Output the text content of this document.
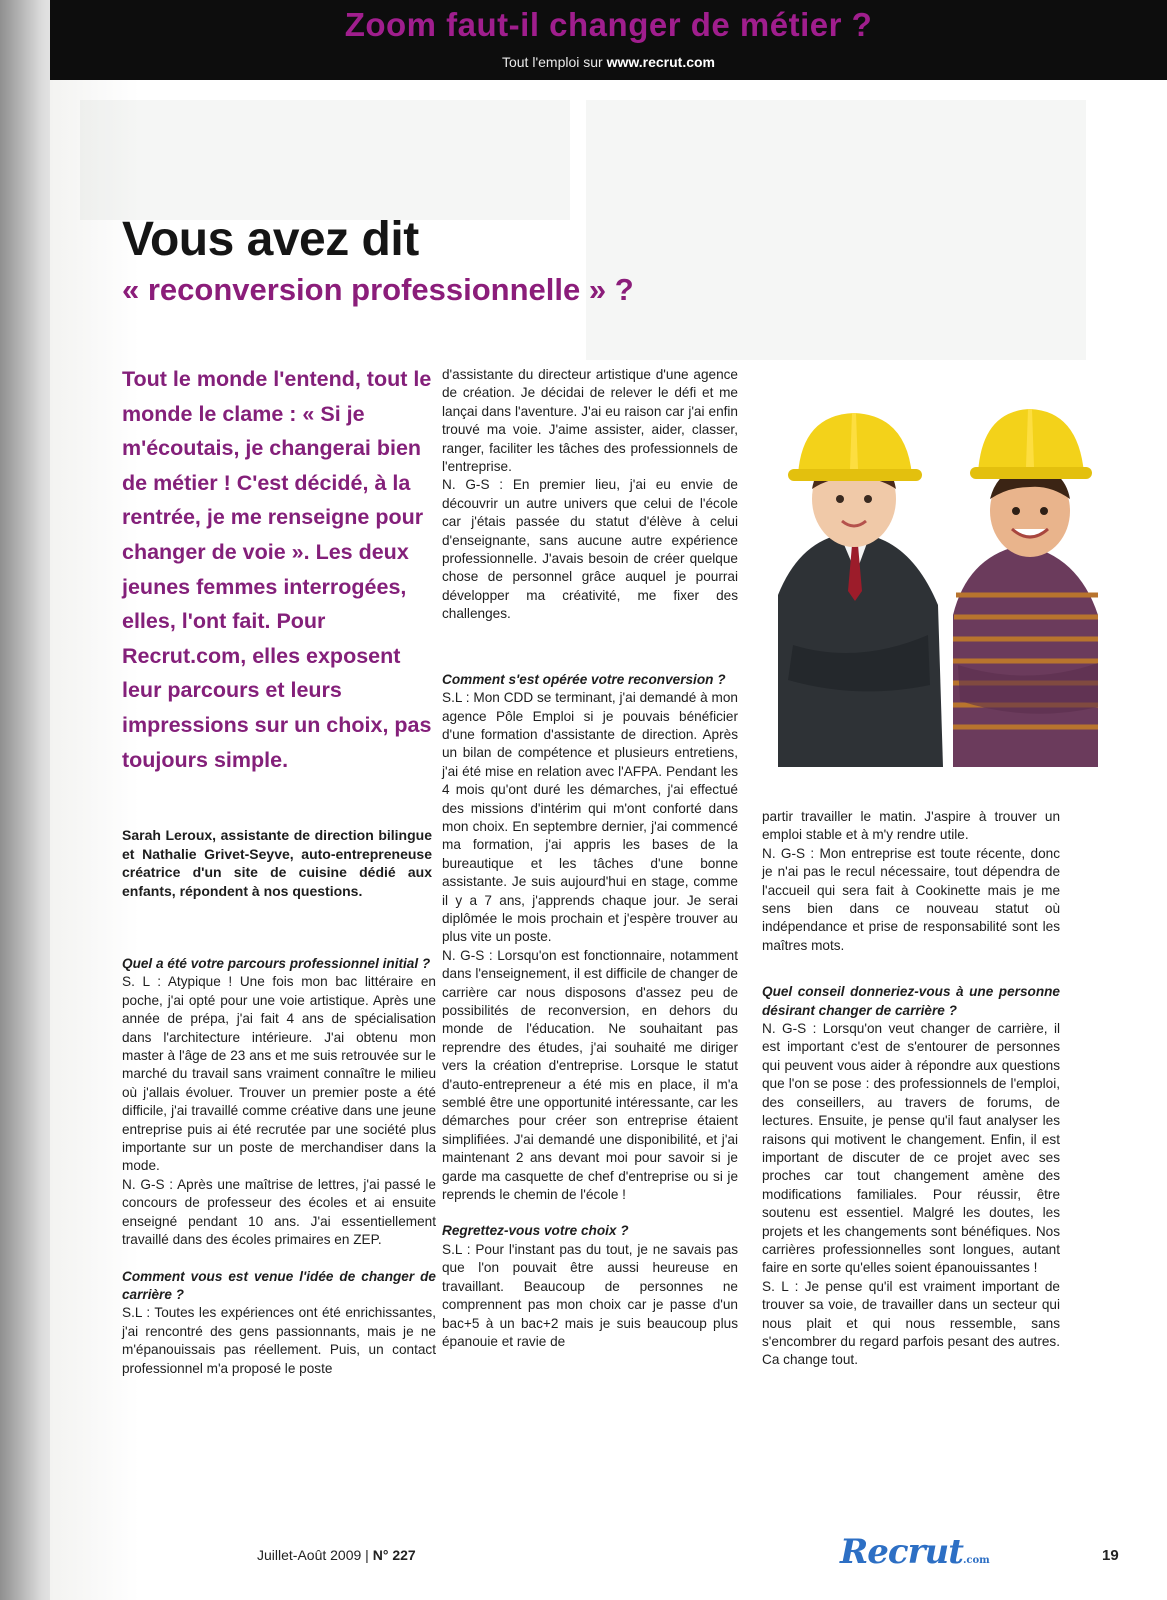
Zoom faut-il changer de métier ?
Tout l'emploi sur www.recrut.com
Vous avez dit
« reconversion professionnelle » ?
Tout le monde l'entend, tout le monde le clame : « Si je m'écoutais, je changerai bien de métier ! C'est décidé, à la rentrée, je me renseigne pour changer de voie ». Les deux jeunes femmes interrogées, elles, l'ont fait. Pour Recrut.com, elles exposent leur parcours et leurs impressions sur un choix, pas toujours simple.
Sarah Leroux, assistante de direction bilingue et Nathalie Grivet-Seyve, auto-entrepreneuse créatrice d'un site de cuisine dédié aux enfants, répondent à nos questions.

Quel a été votre parcours professionnel initial ?

S. L : Atypique ! Une fois mon bac littéraire en poche, j'ai opté pour une voie artistique. Après une année de prépa, j'ai fait 4 ans de spécialisation dans l'architecture intérieure. J'ai obtenu mon master à l'âge de 23 ans et me suis retrouvée sur le marché du travail sans vraiment connaître le milieu où j'allais évoluer. Trouver un premier poste a été difficile, j'ai travaillé comme créative dans une jeune entreprise puis ai été recrutée par une société plus importante sur un poste de merchandiser dans la mode.

N. G-S : Après une maîtrise de lettres, j'ai passé le concours de professeur des écoles et ai ensuite enseigné pendant 10 ans. J'ai essentiellement travaillé dans des écoles primaires en ZEP.

Comment vous est venue l'idée de changer de carrière ?

S.L : Toutes les expériences ont été enrichissantes, j'ai rencontré des gens passionnants, mais je ne m'épanouissais pas réellement. Puis, un contact professionnel m'a proposé le poste

d'assistante du directeur artistique d'une agence de création. Je décidai de relever le défi et me lançai dans l'aventure. J'ai eu raison car j'ai enfin trouvé ma voie. J'aime assister, aider, classer, ranger, faciliter les tâches des professionnels de l'entreprise.

N. G-S : En premier lieu, j'ai eu envie de découvrir un autre univers que celui de l'école car j'étais passée du statut d'élève à celui d'enseignante, sans aucune autre expérience professionnelle. J'avais besoin de créer quelque chose de personnel grâce auquel je pourrai développer ma créativité, me fixer des challenges.

Comment s'est opérée votre reconversion ?

S.L : Mon CDD se terminant, j'ai demandé à mon agence Pôle Emploi si je pouvais bénéficier d'une formation d'assistante de direction. Après un bilan de compétence et plusieurs entretiens, j'ai été mise en relation avec l'AFPA. Pendant les 4 mois qu'ont duré les démarches, j'ai effectué des missions d'intérim qui m'ont conforté dans mon choix. En septembre dernier, j'ai commencé ma formation, j'ai appris les bases de la bureautique et les tâches d'une bonne assistante. Je suis aujourd'hui en stage, comme il y a 7 ans, j'apprends chaque jour. Je serai diplômée le mois prochain et j'espère trouver au plus vite un poste.

N. G-S : Lorsqu'on est fonctionnaire, notamment dans l'enseignement, il est difficile de changer de carrière car nous disposons d'assez peu de possibilités de reconversion, en dehors du monde de l'éducation. Ne souhaitant pas reprendre des études, j'ai souhaité me diriger vers la création d'entreprise. Lorsque le statut d'auto-entrepreneur a été mis en place, il m'a semblé être une opportunité intéressante, car les démarches pour créer son entreprise étaient simplifiées. J'ai demandé une disponibilité, et j'ai maintenant 2 ans devant moi pour savoir si je garde ma casquette de chef d'entreprise ou si je reprends le chemin de l'école !

Regrettez-vous votre choix ?

S.L : Pour l'instant pas du tout, je ne savais pas que l'on pouvait être aussi heureuse en travaillant. Beaucoup de personnes ne comprennent pas mon choix car je passe d'un bac+5 à un bac+2 mais je suis beaucoup plus épanouie et ravie de

partir travailler le matin. J'aspire à trouver un emploi stable et à m'y rendre utile.

N. G-S : Mon entreprise est toute récente, donc je n'ai pas le recul nécessaire, tout dépendra de l'accueil qui sera fait à Cookinette mais je me sens bien dans ce nouveau statut où indépendance et prise de responsabilité sont les maîtres mots.

Quel conseil donneriez-vous à une personne désirant changer de carrière ?

N. G-S : Lorsqu'on veut changer de carrière, il est important c'est de s'entourer de personnes qui peuvent vous aider à répondre aux questions que l'on se pose : des professionnels de l'emploi, des conseillers, au travers de forums, de lectures. Ensuite, je pense qu'il faut analyser les raisons qui motivent le changement. Enfin, il est important de discuter de ce projet avec ses proches car tout changement amène des modifications familiales. Pour réussir, être soutenu est essentiel. Malgré les doutes, les projets et les changements sont bénéfiques. Nos carrières professionnelles sont longues, autant faire en sorte qu'elles soient épanouissantes !

S. L : Je pense qu'il est vraiment important de trouver sa voie, de travailler dans un secteur qui nous plait et qui nous ressemble, sans s'encombrer du regard parfois pesant des autres. Ca change tout.

Juillet-Août 2009 | N° 227	Recrut.com	19
